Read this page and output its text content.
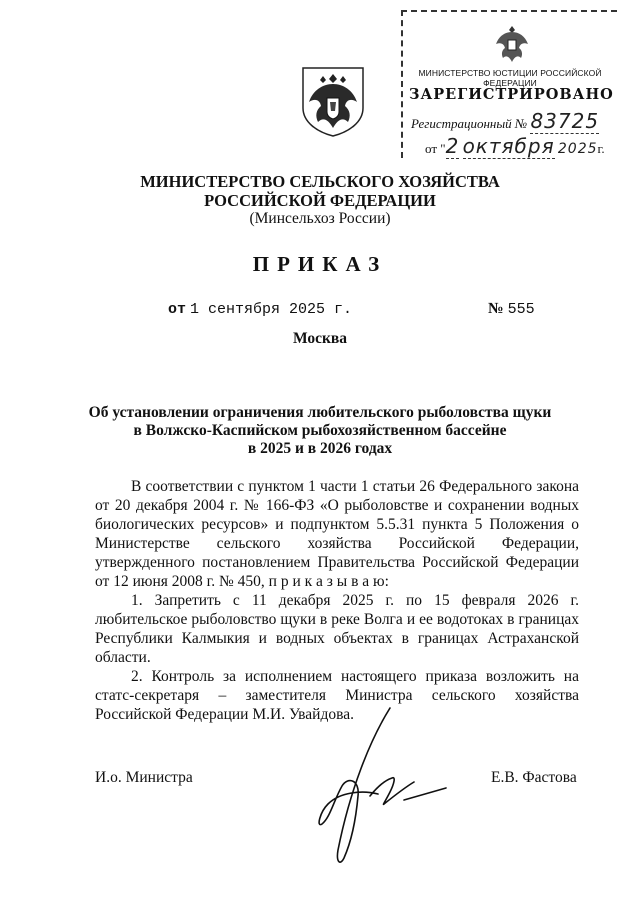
МИНИСТЕРСТВО ЮСТИЦИИ РОССИЙСКОЙ ФЕДЕРАЦИИ
ЗАРЕГИСТРИРОВАНО
Регистрационный № 83725
от "2 октября 2025г.
МИНИСТЕРСТВО СЕЛЬСКОГО ХОЗЯЙСТВА
РОССИЙСКОЙ ФЕДЕРАЦИИ
(Минсельхоз России)
ПРИКАЗ
от 1 сентября 2025 г.	№ 555
Москва
Об установлении ограничения любительского рыболовства щуки
в Волжско-Каспийском рыбохозяйственном бассейне
в 2025 и в 2026 годах

В соответствии с пунктом 1 части 1 статьи 26 Федерального закона от 20 декабря 2004 г. № 166-ФЗ «О рыболовстве и сохранении водных биологических ресурсов» и подпунктом 5.5.31 пункта 5 Положения о Министерстве сельского хозяйства Российской Федерации, утвержденного постановлением Правительства Российской Федерации от 12 июня 2008 г. № 450, п р и к а з ы в а ю:

1. Запретить с 11 декабря 2025 г. по 15 февраля 2026 г. любительское рыболовство щуки в реке Волга и ее водотоках в границах Республики Калмыкия и водных объектах в границах Астраханской области.

2. Контроль за исполнением настоящего приказа возложить на статс-секретаря – заместителя Министра сельского хозяйства Российской Федерации М.И. Увайдова.

И.о. Министра	Е.В. Фастова
